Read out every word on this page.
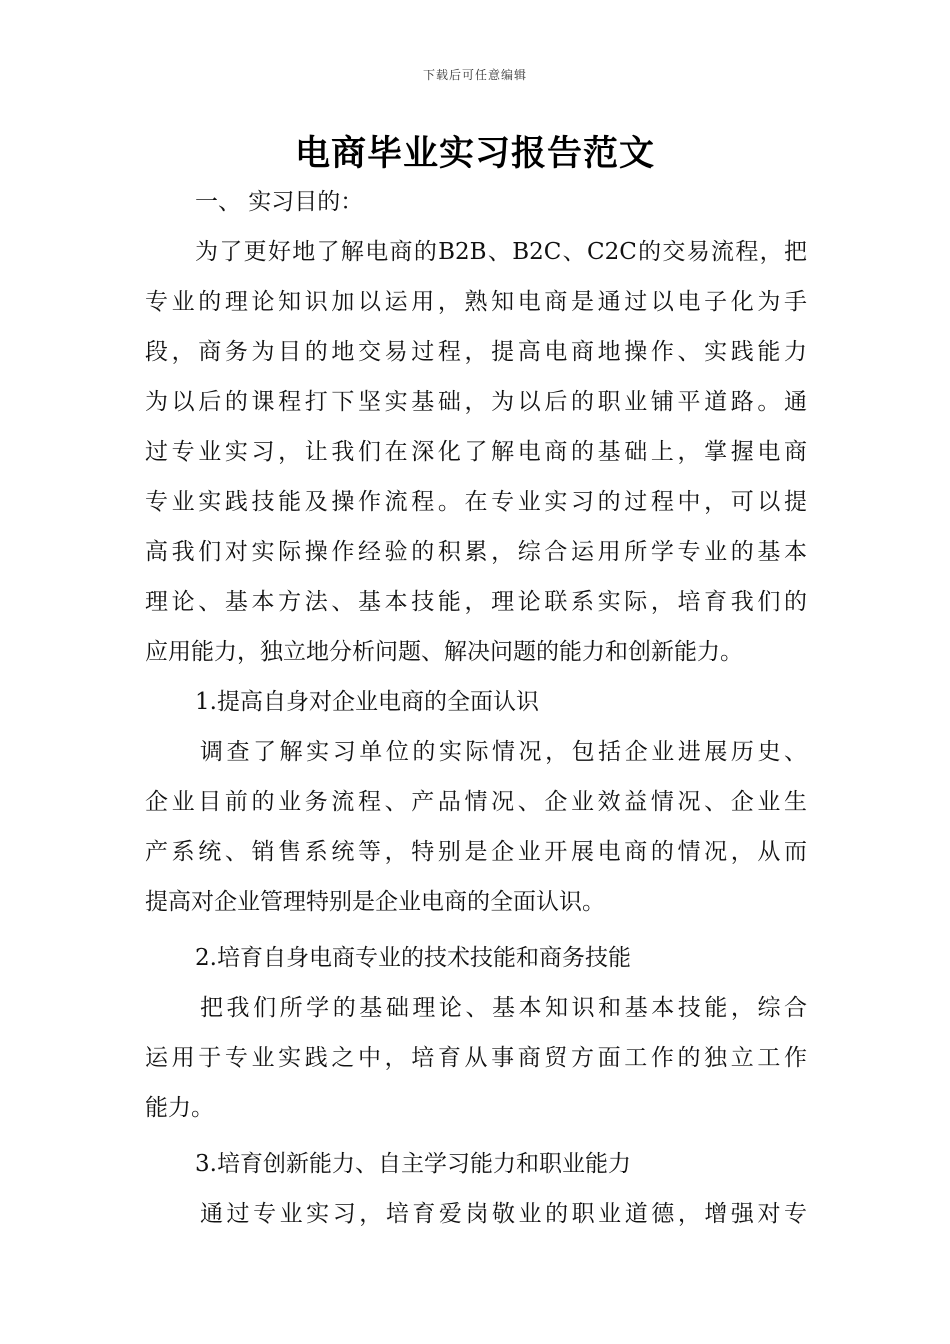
下载后可任意编辑
电商毕业实习报告范文
一、 实习目的：
为了更好地了解电商的B2B、B2C、C2C的交易流程，把
专业的理论知识加以运用，熟知电商是通过以电子化为手
段，商务为目的地交易过程，提高电商地操作、实践能力
为以后的课程打下坚实基础，为以后的职业铺平道路。通
过专业实习，让我们在深化了解电商的基础上，掌握电商
专业实践技能及操作流程。在专业实习的过程中，可以提
高我们对实际操作经验的积累，综合运用所学专业的基本
理论、基本方法、基本技能，理论联系实际，培育我们的
应用能力，独立地分析问题、解决问题的能力和创新能力。
1.提高自身对企业电商的全面认识
调查了解实习单位的实际情况，包括企业进展历史、
企业目前的业务流程、产品情况、企业效益情况、企业生
产系统、销售系统等，特别是企业开展电商的情况，从而
提高对企业管理特别是企业电商的全面认识。
2.培育自身电商专业的技术技能和商务技能
把我们所学的基础理论、基本知识和基本技能，综合
运用于专业实践之中，培育从事商贸方面工作的独立工作
能力。
3.培育创新能力、自主学习能力和职业能力
通过专业实习，培育爱岗敬业的职业道德，增强对专
